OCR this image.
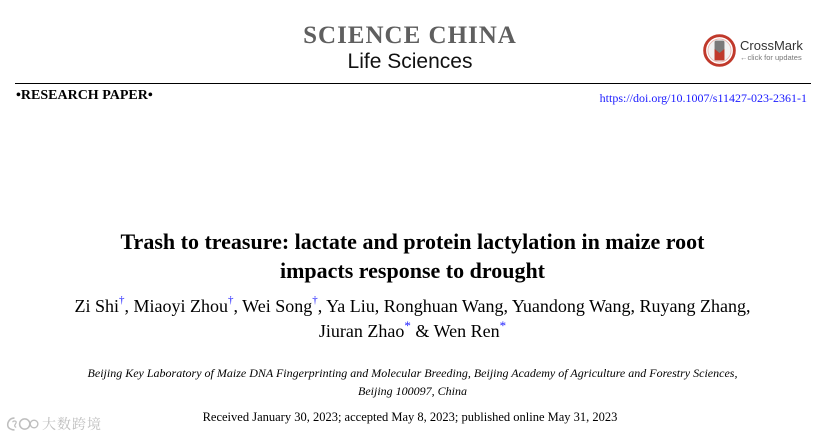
SCIENCE CHINA
Life Sciences
CrossMark
←click for updates
•RESEARCH PAPER•	https://doi.org/10.1007/s11427-023-2361-1
Trash to treasure: lactate and protein lactylation in maize root
impacts response to drought
Zi Shi†, Miaoyi Zhou†, Wei Song†, Ya Liu, Ronghuan Wang, Yuandong Wang, Ruyang Zhang,
Jiuran Zhao* & Wen Ren*
Beijing Key Laboratory of Maize DNA Fingerprinting and Molecular Breeding, Beijing Academy of Agriculture and Forestry Sciences,
Beijing 100097, China
Received January 30, 2023; accepted May 8, 2023; published online May 31, 2023
大数跨境
